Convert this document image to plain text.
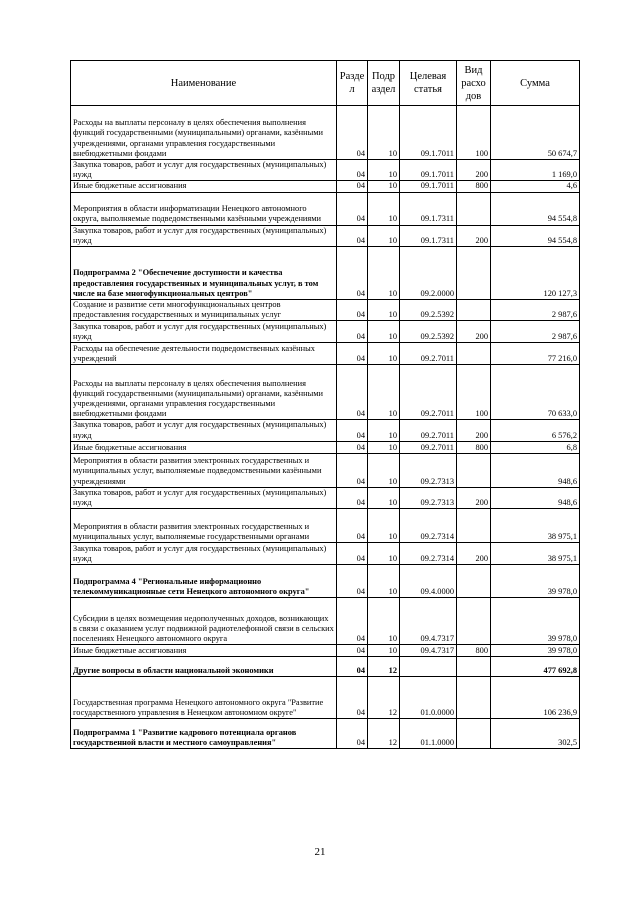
Наименование	Разде л	Подр аздел	Целевая статья	Вид расхо дов	Сумма
Расходы на выплаты персоналу в целях обеспечения выполнения функций государственными (муниципальными) органами, казёнными учреждениями, органами управления государственными внебюджетными фондами	04	10	09.1.7011	100	50 674,7
Закупка товаров, работ и услуг для государственных (муниципальных) нужд	04	10	09.1.7011	200	1 169,0
Иные бюджетные ассигнования	04	10	09.1.7011	800	4,6
Мероприятия в области информатизации Ненецкого автономного округа, выполняемые подведомственными казёнными учреждениями	04	10	09.1.7311		94 554,8
Закупка товаров, работ и услуг для государственных (муниципальных) нужд	04	10	09.1.7311	200	94 554,8
Подпрограмма 2 "Обеспечение доступности и качества предоставления государственных и муниципальных услуг, в том числе на базе многофункциональных центров"	04	10	09.2.0000		120 127,3
Создание и развитие сети многофункциональных центров предоставления государственных и муниципальных услуг	04	10	09.2.5392		2 987,6
Закупка товаров, работ и услуг для государственных (муниципальных) нужд	04	10	09.2.5392	200	2 987,6
Расходы на обеспечение деятельности подведомственных казённых учреждений	04	10	09.2.7011		77 216,0
Расходы на выплаты персоналу в целях обеспечения выполнения функций государственными (муниципальными) органами, казёнными учреждениями, органами управления государственными внебюджетными фондами	04	10	09.2.7011	100	70 633,0
Закупка товаров, работ и услуг для государственных (муниципальных) нужд	04	10	09.2.7011	200	6 576,2
Иные бюджетные ассигнования	04	10	09.2.7011	800	6,8
Мероприятия в области развития электронных государственных и муниципальных услуг, выполняемые подведомственными казёнными учреждениями	04	10	09.2.7313		948,6
Закупка товаров, работ и услуг для государственных (муниципальных) нужд	04	10	09.2.7313	200	948,6
Мероприятия в области развития электронных государственных и муниципальных услуг, выполняемые государственными органами	04	10	09.2.7314		38 975,1
Закупка товаров, работ и услуг для государственных (муниципальных) нужд	04	10	09.2.7314	200	38 975,1
Подпрограмма 4 "Региональные информационно телекоммуникационные сети Ненецкого автономного округа"	04	10	09.4.0000		39 978,0
Субсидии в целях возмещения недополученных доходов, возникающих в связи с оказанием услуг подвижной радиотелефонной связи в сельских поселениях Ненецкого автономного округа	04	10	09.4.7317		39 978,0
Иные бюджетные ассигнования	04	10	09.4.7317	800	39 978,0
Другие вопросы в области национальной экономики	04	12			477 692,8
Государственная программа Ненецкого автономного округа "Развитие государственного управления в Ненецком автономном округе"	04	12	01.0.0000		106 236,9
Подпрограмма 1 "Развитие кадрового потенциала органов государственной власти и местного самоуправления"	04	12	01.1.0000		302,5
21
